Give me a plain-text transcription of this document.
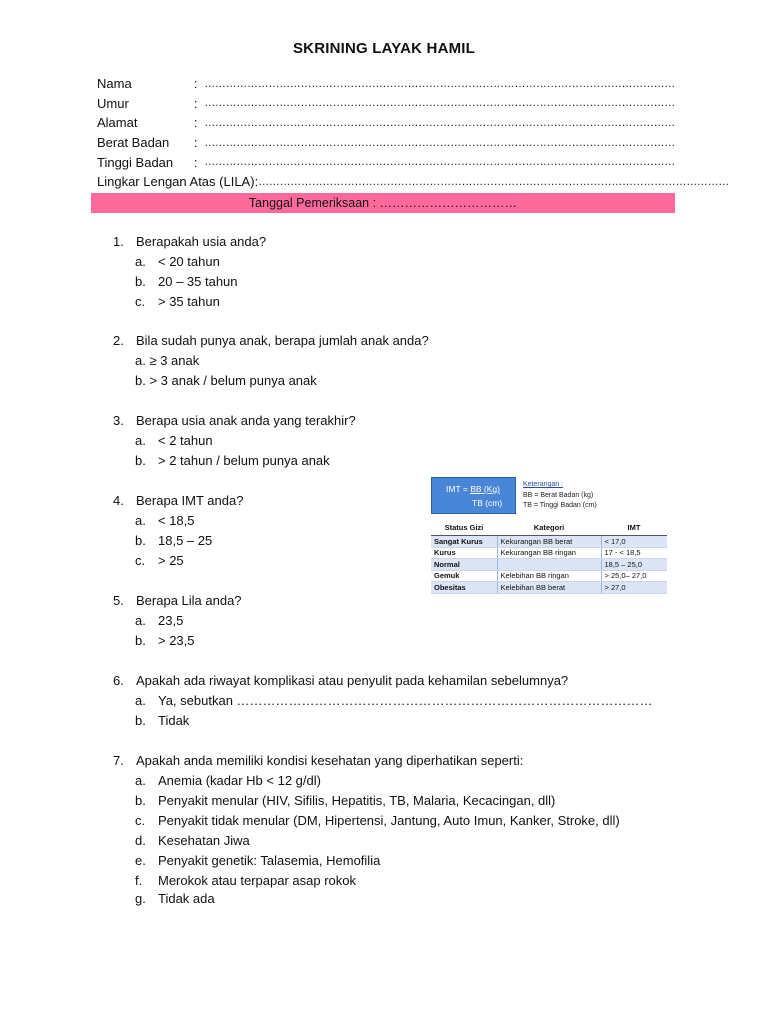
SKRINING LAYAK HAMIL
Nama	: ……………………………………………………………………………………………………………………
Umur	: ……………………………………………………………………………………………………………………
Alamat	: ……………………………………………………………………………………………………………………
Berat Badan	: ……………………………………………………………………………………………………………………
Tinggi Badan	: ……………………………………………………………………………………………………………………
Lingkar Lengan Atas (LILA) : ……………………………………………………………………………………………………………………
Tanggal Pemeriksaan : ……………………………
1. Berapakah usia anda?
a. < 20 tahun
b. 20 – 35 tahun
c. > 35 tahun
2. Bila sudah punya anak, berapa jumlah anak anda?
a. ≥ 3 anak
b. > 3 anak / belum punya anak
3. Berapa usia anak anda yang terakhir?
a. < 2 tahun
b. > 2 tahun / belum punya anak
4. Berapa IMT anda?
a. < 18,5
b. 18,5 – 25
c. > 25
5. Berapa Lila anda?
a. 23,5
b. > 23,5
6. Apakah ada riwayat komplikasi atau penyulit pada kehamilan sebelumnya?
a. Ya, sebutkan ……………………………………………………………………………………
b. Tidak
7. Apakah anda memiliki kondisi kesehatan yang diperhatikan seperti:
a. Anemia (kadar Hb < 12 g/dl)
b. Penyakit menular (HIV, Sifilis, Hepatitis, TB, Malaria, Kecacingan, dll)
c. Penyakit tidak menular (DM, Hipertensi, Jantung, Auto Imun, Kanker, Stroke, dll)
d. Kesehatan Jiwa
e. Penyakit genetik: Talasemia, Hemofilia
f.	Merokok atau terpapar asap rokok
g. Tidak ada
IMT = BB (Kg)
TB (cm)
Keterangan :
BB = Berat Badan (kg)
TB = Tinggi Badan (cm)
Status Gizi	Kategori	IMT
Sangat Kurus	Kekurangan BB berat	< 17,0
Kurus	Kekurangan BB ringan	17 - < 18,5
Normal		18,5 – 25,0
Gemuk	Kelebihan BB ringan	> 25,0– 27,0
Obesitas	Kelebihan BB berat	> 27,0
